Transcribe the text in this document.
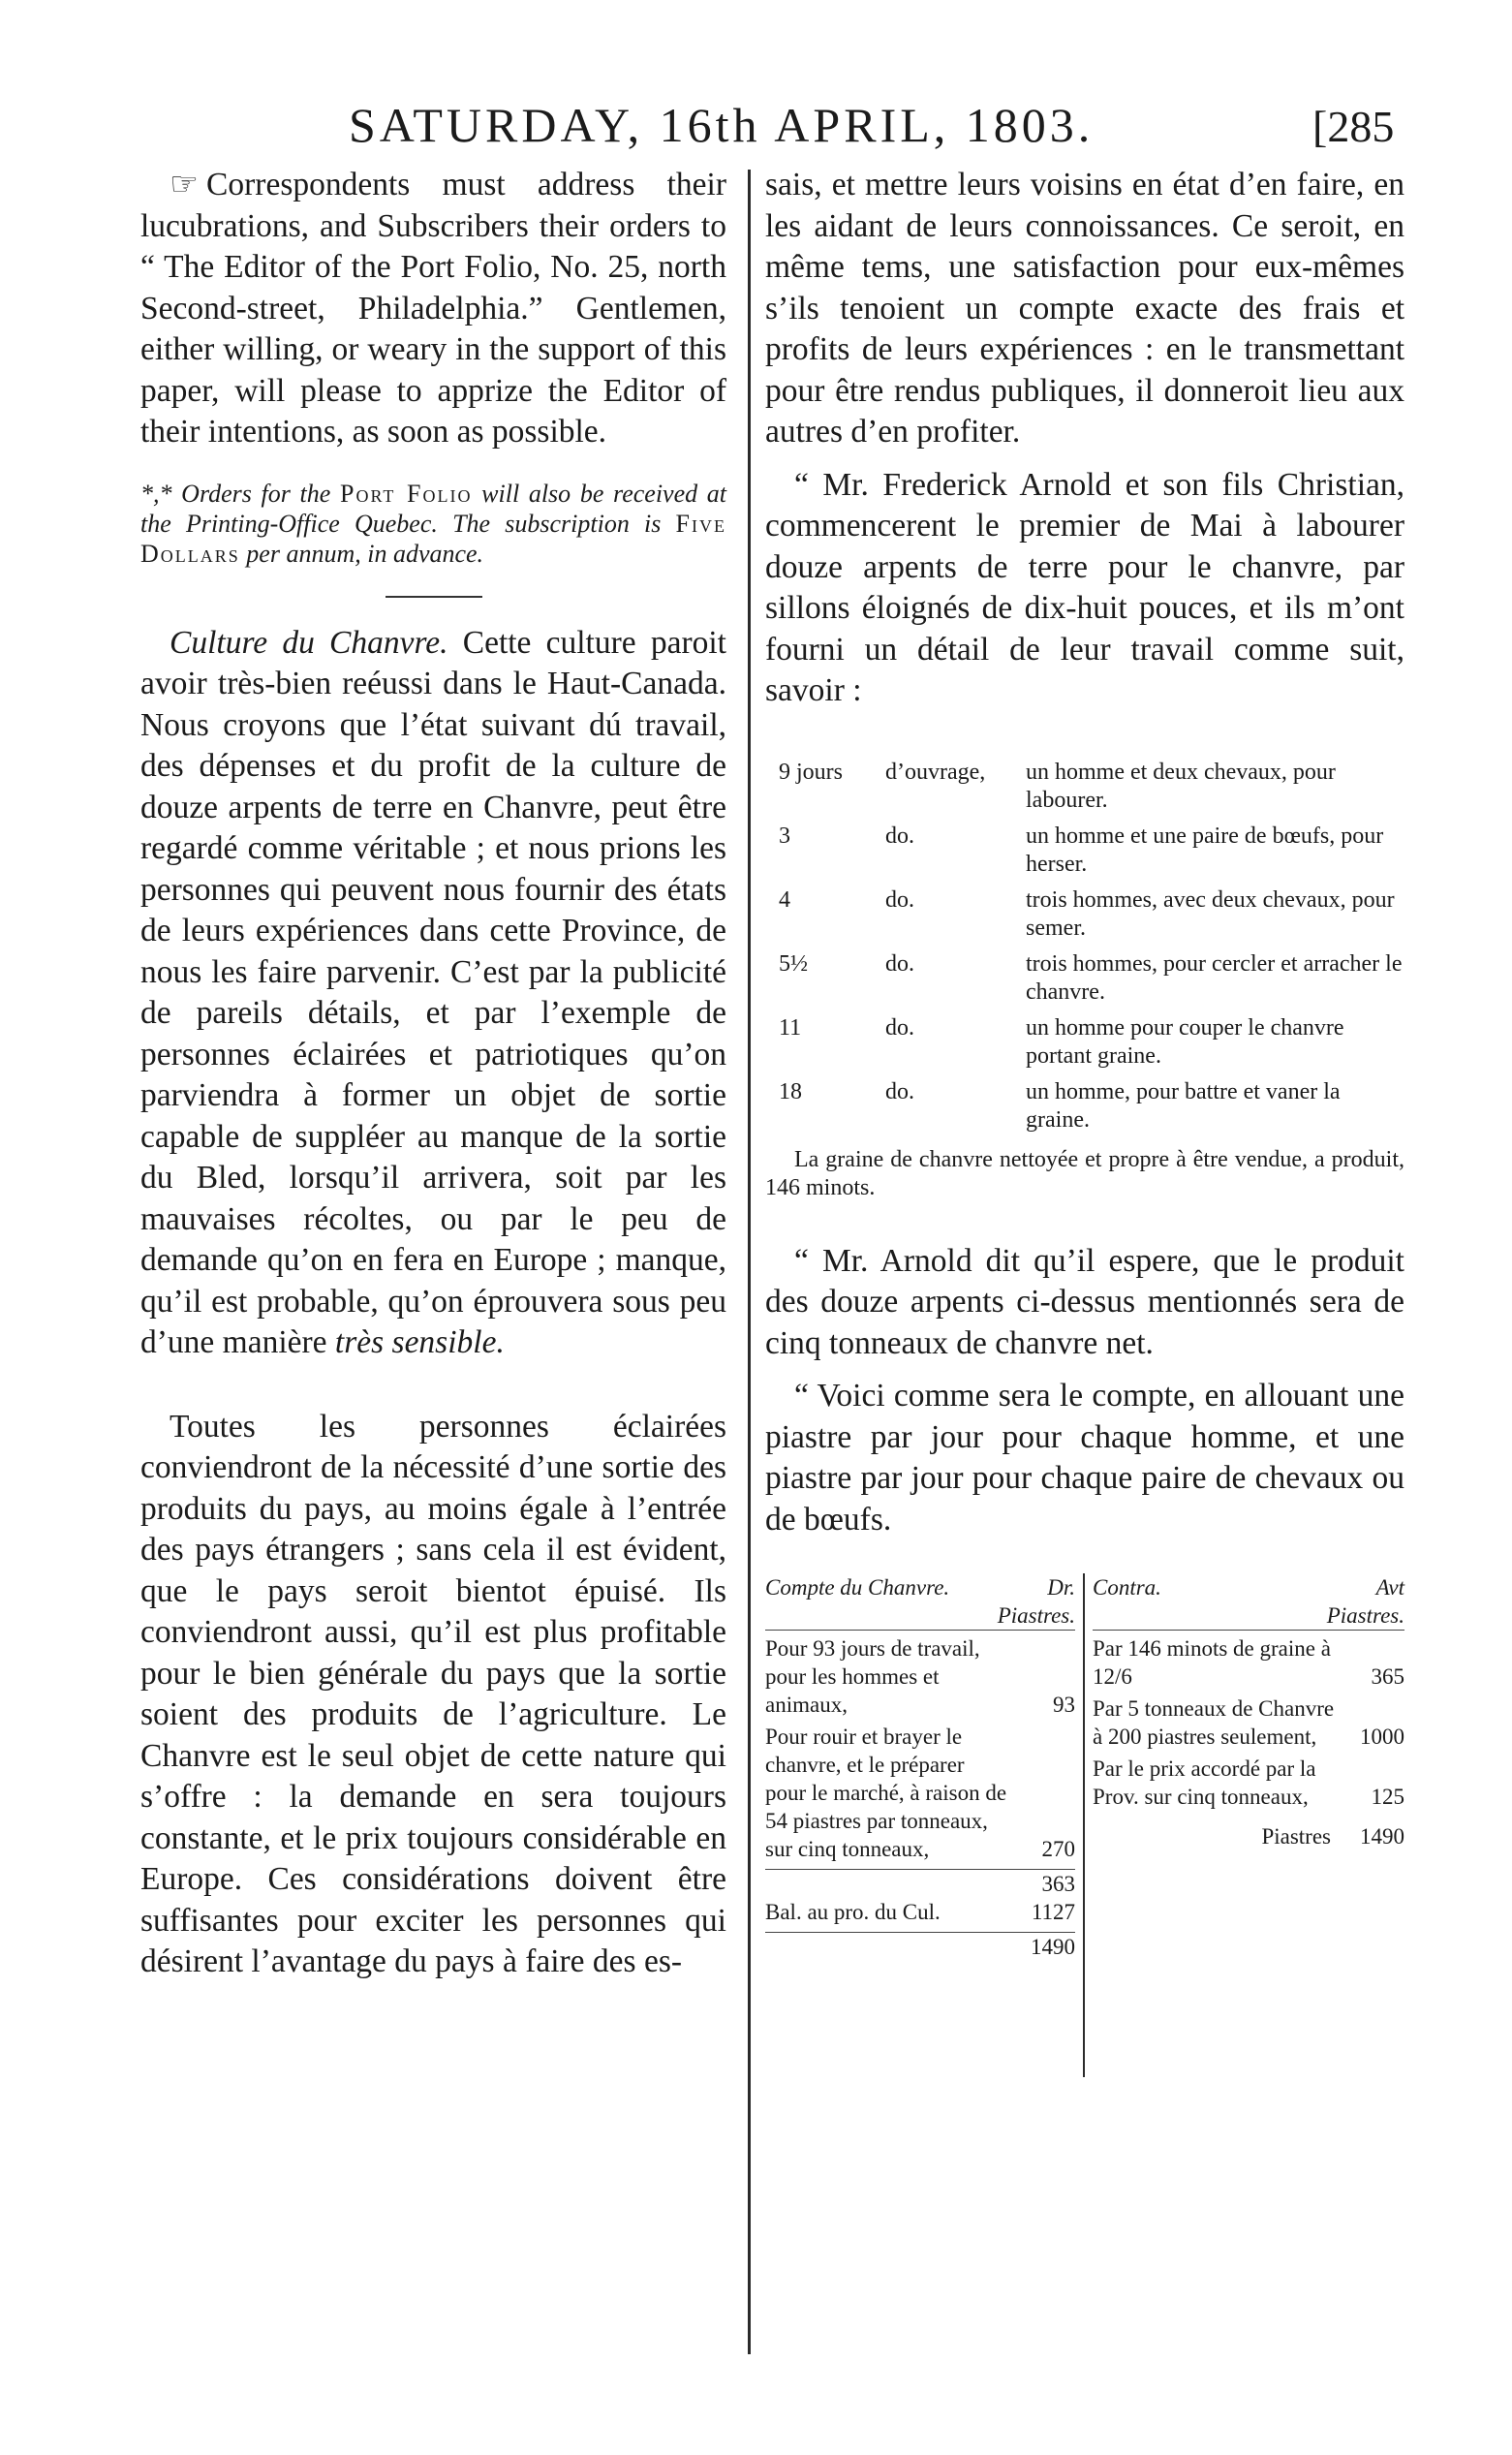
SATURDAY, 16th APRIL, 1803.	[285

☞ Correspondents must address their lucubrations, and Subscribers their orders to “ The Editor of the Port Folio, No. 25, north Second-street, Philadelphia.” Gentlemen, either willing, or weary in the support of this paper, will please to apprize the Editor of their intentions, as soon as possible.

*,* Orders for the Port Folio will also be received at the Printing-Office Quebec. The subscription is Five Dollars per annum, in advance.

Culture du Chanvre. Cette culture paroit avoir très-bien reéussi dans le Haut-Canada. Nous croyons que l’état suivant dú travail, des dépenses et du profit de la culture de douze arpents de terre en Chanvre, peut être regardé comme véritable ; et nous prions les personnes qui peuvent nous fournir des états de leurs expériences dans cette Province, de nous les faire parvenir. C’est par la publicité de pareils détails, et par l’exemple de personnes éclairées et patriotiques qu’on parviendra à former un objet de sortie capable de suppléer au manque de la sortie du Bled, lorsqu’il arrivera, soit par les mauvaises récoltes, ou par le peu de demande qu’on en fera en Europe ; manque, qu’il est probable, qu’on éprouvera sous peu d’une manière très sensible.

Toutes les personnes éclairées conviendront de la nécessité d’une sortie des produits du pays, au moins égale à l’entrée des pays étrangers ; sans cela il est évident, que le pays seroit bientot épuisé. Ils conviendront aussi, qu’il est plus profitable pour le bien générale du pays que la sortie soient des produits de l’agriculture. Le Chanvre est le seul objet de cette nature qui s’offre : la demande en sera toujours constante, et le prix toujours considérable en Europe. Ces considérations doivent être suffisantes pour exciter les personnes qui désirent l’avantage du pays à faire des es-

sais, et mettre leurs voisins en état d’en faire, en les aidant de leurs connoissances. Ce seroit, en même tems, une satisfaction pour eux-mêmes s’ils tenoient un compte exacte des frais et profits de leurs expériences : en le transmettant pour être rendus publiques, il donneroit lieu aux autres d’en profiter.

“ Mr. Frederick Arnold et son fils Christian, commencerent le premier de Mai à labourer douze arpents de terre pour le chanvre, par sillons éloignés de dix-huit pouces, et ils m’ont fourni un détail de leur travail comme suit, savoir :

9 jours	d’ouvrage,	un homme et deux chevaux, pour labourer.
3	do.	un homme et une paire de bœufs, pour herser.
4	do.	trois hommes, avec deux chevaux, pour semer.
5½	do.	trois hommes, pour cercler et arracher le chanvre.
11	do.	un homme pour couper le chanvre portant graine.
18	do.	un homme, pour battre et vaner la graine.
La graine de chanvre nettoyée et propre à être vendue, a produit, 146 minots.

“ Mr. Arnold dit qu’il espere, que le produit des douze arpents ci-dessus mentionnés sera de cinq tonneaux de chanvre net.

“ Voici comme sera le compte, en allouant une piastre par jour pour chaque homme, et une piastre par jour pour chaque paire de chevaux ou de bœufs.

Compte du Chanvre.	Dr.
Piastres.
Pour 93 jours de travail, pour les hommes et animaux,	93
Pour rouir et brayer le chanvre, et le préparer pour le marché, à raison de 54 piastres par tonneaux, sur cinq tonneaux,	270
363
Bal. au pro. du Cul.	1127
1490
Contra.	Avt
Piastres.
Par 146 minots de graine à 12/6	365
Par 5 tonneaux de Chanvre à 200 piastres seulement,	1000
Par le prix accordé par la Prov. sur cinq tonneaux,	125
Piastres 1490
